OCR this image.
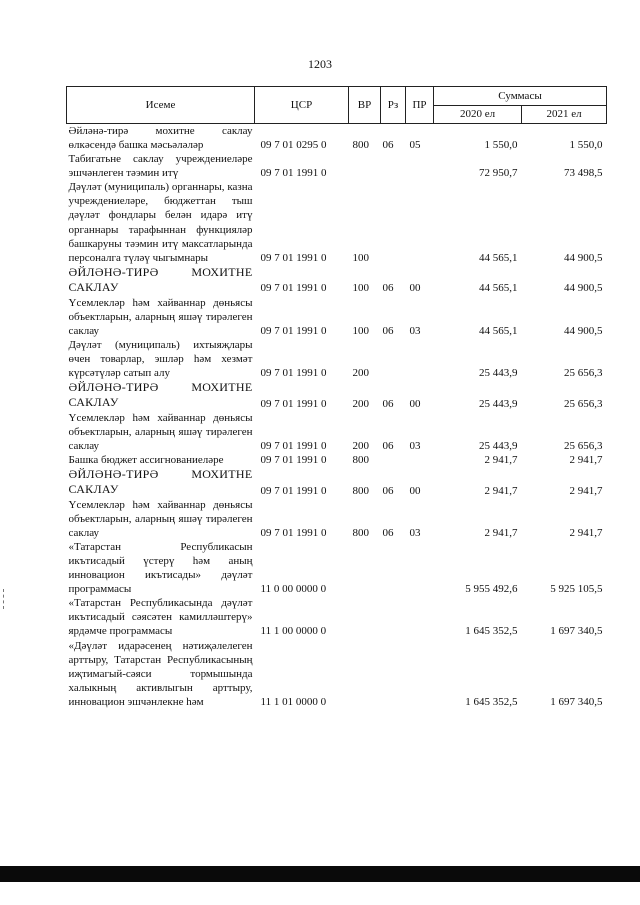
1203
Исеме	ЦСР	ВР	Рз	ПР	Суммасы	
					2020 ел	2021 ел
Әйләнә-тирә мохитне саклау өлкәсендә башка мәсьәләләр	09 7 01 0295 0	800	06	05	1 550,0	1 550,0
Табигатьне саклау учреждениеләре эшчәнлеген тәэмин итү	09 7 01 1991 0				72 950,7	73 498,5
Дәүләт (муниципаль) органнары, казна учреждениеләре, бюджеттан тыш дәүләт фондлары белән идарә итү органнары тарафыннан функцияләр башкаруны тәэмин итү максатларында персоналга түләү чыгымнары	09 7 01 1991 0	100			44 565,1	44 900,5
ӘЙЛӘНӘ-ТИРӘ МОХИТНЕ САКЛАУ	09 7 01 1991 0	100	06	00	44 565,1	44 900,5
Үсемлекләр һәм хайваннар дөньясы объектларын, аларның яшәү тирәлеген саклау	09 7 01 1991 0	100	06	03	44 565,1	44 900,5
Дәүләт (муниципаль) ихтыяҗлары өчен товарлар, эшләр һәм хезмәт күрсәтүләр сатып алу	09 7 01 1991 0	200			25 443,9	25 656,3
ӘЙЛӘНӘ-ТИРӘ МОХИТНЕ САКЛАУ	09 7 01 1991 0	200	06	00	25 443,9	25 656,3
Үсемлекләр һәм хайваннар дөньясы объектларын, аларның яшәү тирәлеген саклау	09 7 01 1991 0	200	06	03	25 443,9	25 656,3
Башка бюджет ассигнованиеләре	09 7 01 1991 0	800			2 941,7	2 941,7
ӘЙЛӘНӘ-ТИРӘ МОХИТНЕ САКЛАУ	09 7 01 1991 0	800	06	00	2 941,7	2 941,7
Үсемлекләр һәм хайваннар дөньясы объектларын, аларның яшәү тирәлеген саклау	09 7 01 1991 0	800	06	03	2 941,7	2 941,7
«Татарстан Республикасын икътисадый үстерү һәм аның инновацион икътисады» дәүләт программасы	11 0 00 0000 0				5 955 492,6	5 925 105,5
«Татарстан Республикасында дәүләт икътисадый сәясәтен камилләштерү» ярдәмче программасы	11 1 00 0000 0				1 645 352,5	1 697 340,5
«Дәүләт идарәсенең нәтиҗәлелеген арттыру, Татарстан Республикасының иҗтимагый-сәяси тормышында халыкның активлыгын арттыру, инновацион эшчәнлекне һәм	11 1 01 0000 0				1 645 352,5	1 697 340,5
